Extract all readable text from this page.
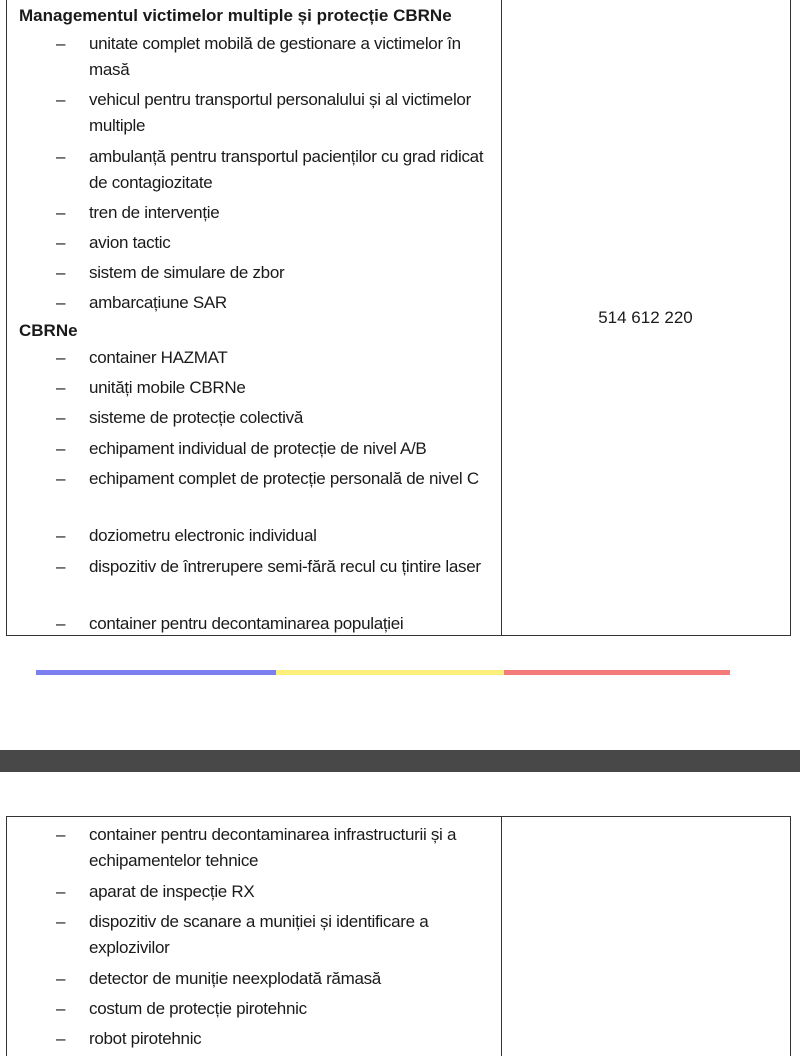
Managementul victimelor multiple și protecție CBRNe
– unitate complet mobilă de gestionare a victimelor în masă
– vehicul pentru transportul personalului și al victimelor multiple
– ambulanță pentru transportul pacienților cu grad ridicat de contagiozitate
– tren de intervenție
– avion tactic
– sistem de simulare de zbor
– ambarcațiune SAR
CBRNe
– container HAZMAT
– unități mobile CBRNe
– sisteme de protecție colectivă
– echipament individual de protecție de nivel A/B
– echipament complet de protecție personală de nivel C
– doziometru electronic individual
– dispozitiv de întrerupere semi-fără recul cu țintire laser
– container pentru decontaminarea populației
514 612 220
– container pentru decontaminarea infrastructurii și a echipamentelor tehnice
– aparat de inspecție RX
– dispozitiv de scanare a muniției și identificare a explozivilor
– detector de muniție neexplodată rămasă
– costum de protecție pirotehnic
– robot pirotehnic
